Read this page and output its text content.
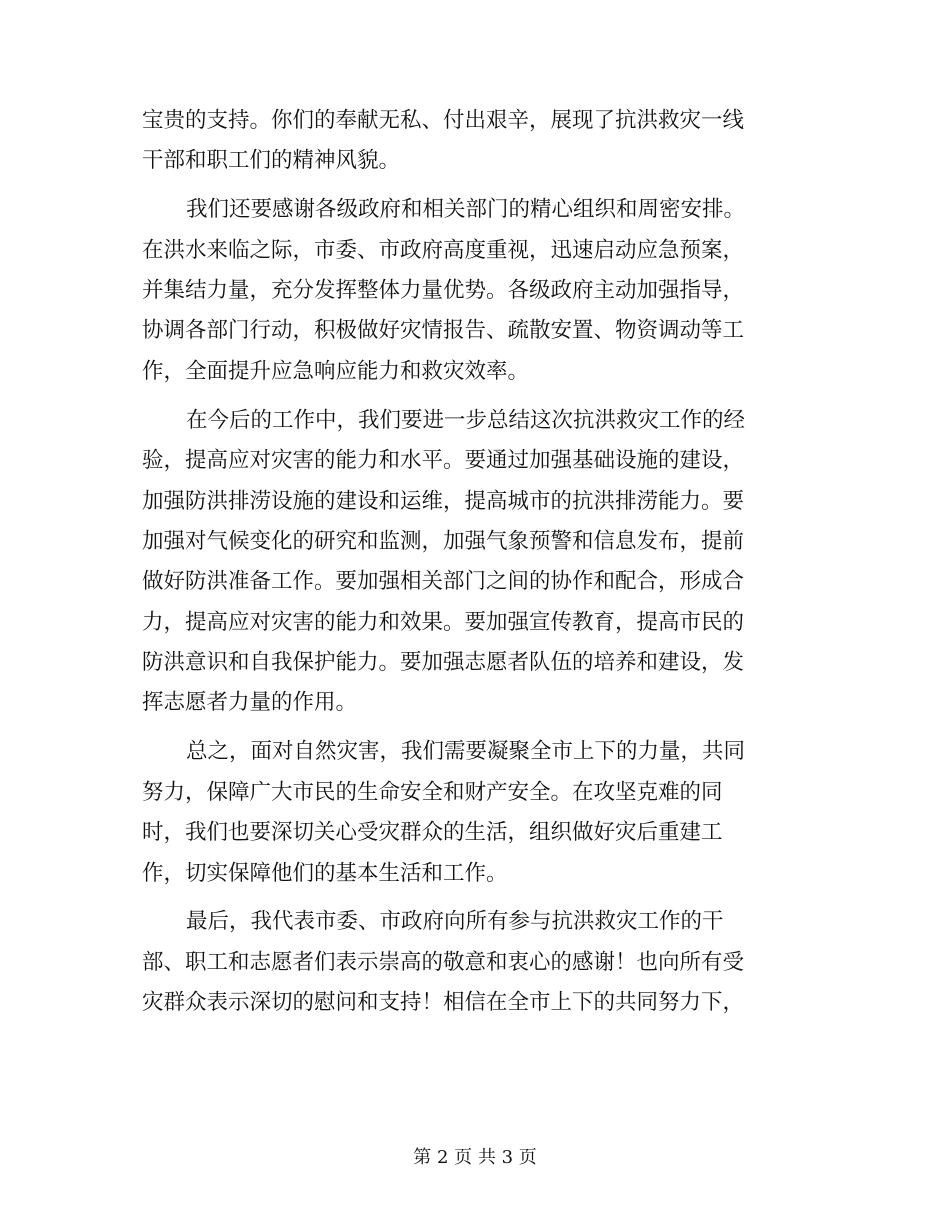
宝贵的支持。你们的奉献无私、付出艰辛，展现了抗洪救灾一线
干部和职工们的精神风貌。
我们还要感谢各级政府和相关部门的精心组织和周密安排。
在洪水来临之际，市委、市政府高度重视，迅速启动应急预案，
并集结力量，充分发挥整体力量优势。各级政府主动加强指导，
协调各部门行动，积极做好灾情报告、疏散安置、物资调动等工
作，全面提升应急响应能力和救灾效率。
在今后的工作中，我们要进一步总结这次抗洪救灾工作的经
验，提高应对灾害的能力和水平。要通过加强基础设施的建设，
加强防洪排涝设施的建设和运维，提高城市的抗洪排涝能力。要
加强对气候变化的研究和监测，加强气象预警和信息发布，提前
做好防洪准备工作。要加强相关部门之间的协作和配合，形成合
力，提高应对灾害的能力和效果。要加强宣传教育，提高市民的
防洪意识和自我保护能力。要加强志愿者队伍的培养和建设，发
挥志愿者力量的作用。
总之，面对自然灾害，我们需要凝聚全市上下的力量，共同
努力，保障广大市民的生命安全和财产安全。在攻坚克难的同
时，我们也要深切关心受灾群众的生活，组织做好灾后重建工
作，切实保障他们的基本生活和工作。
最后，我代表市委、市政府向所有参与抗洪救灾工作的干
部、职工和志愿者们表示崇高的敬意和衷心的感谢！也向所有受
灾群众表示深切的慰问和支持！相信在全市上下的共同努力下，
第 2 页 共 3 页
